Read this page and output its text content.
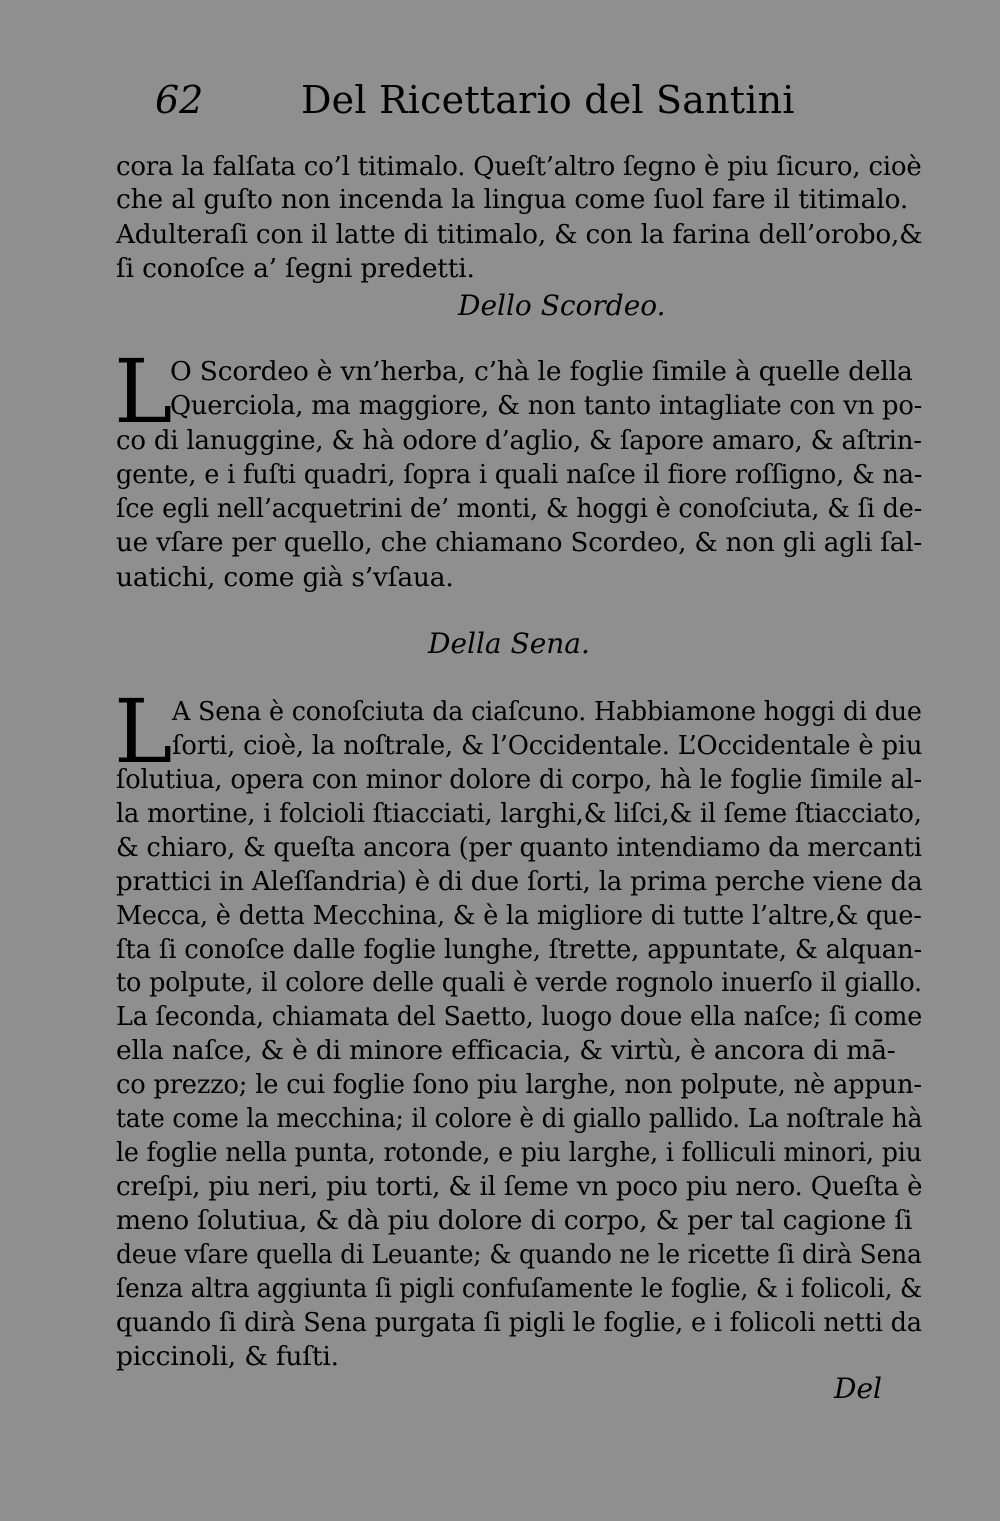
62	Del Ricettario del Santini
cora la falſata co’l titimalo. Queſt’altro ſegno è piu ſicuro, cioè
che al guſto non incenda la lingua come ſuol fare il titimalo.
Adulteraſi con il latte di titimalo, & con la farina dell’orobo,&
ſi conoſce a’ ſegni predetti.
Dello Scordeo.
L
O Scordeo è vn’herba, c’hà le foglie ſimile à quelle della
Querciola, ma maggiore, & non tanto intagliate con vn po-
co di lanuggine, & hà odore d’aglio, & ſapore amaro, & aſtrin-
gente, e i fuſti quadri, ſopra i quali naſce il fiore roſſigno, & na-
ſce egli nell’acquetrini de’ monti, & hoggi è conoſciuta, & ſi de-
ue vſare per quello, che chiamano Scordeo, & non gli agli ſal-
uatichi, come già s’vſaua.
Della Sena.
L A Sena è conoſciuta da ciaſcuno. Habbiamone hoggi di due
ſorti, cioè, la noſtrale, & l’Occidentale. L’Occidentale è piu
ſolutiua, opera con minor dolore di corpo, hà le foglie ſimile al-
la mortine, i folcioli ſtiacciati, larghi,& liſci,& il ſeme ſtiacciato,
& chiaro, & queſta ancora (per quanto intendiamo da mercanti
prattici in Aleſſandria) è di due ſorti, la prima perche viene da
Mecca, è detta Mecchina, & è la migliore di tutte l’altre,& que-
ſta ſi conoſce dalle foglie lunghe, ſtrette, appuntate, & alquan-
to polpute, il colore delle quali è verde rognolo inuerſo il giallo.
La ſeconda, chiamata del Saetto, luogo doue ella naſce; ſi come
ella naſce, & è di minore efficacia, & virtù, è ancora di mā-
co prezzo; le cui foglie ſono piu larghe, non polpute, nè appun-
tate come la mecchina; il colore è di giallo pallido. La noſtrale hà
le foglie nella punta, rotonde, e piu larghe, i folliculi minori, piu
creſpi, piu neri, piu torti, & il ſeme vn poco piu nero. Queſta è
meno ſolutiua, & dà piu dolore di corpo, & per tal cagione ſi
deue vſare quella di Leuante; & quando ne le ricette ſi dirà Sena
ſenza altra aggiunta ſi pigli confuſamente le foglie, & i folicoli, &
quando ſi dirà Sena purgata ſi pigli le foglie, e i folicoli netti da
piccinoli, & fuſti.
Del
